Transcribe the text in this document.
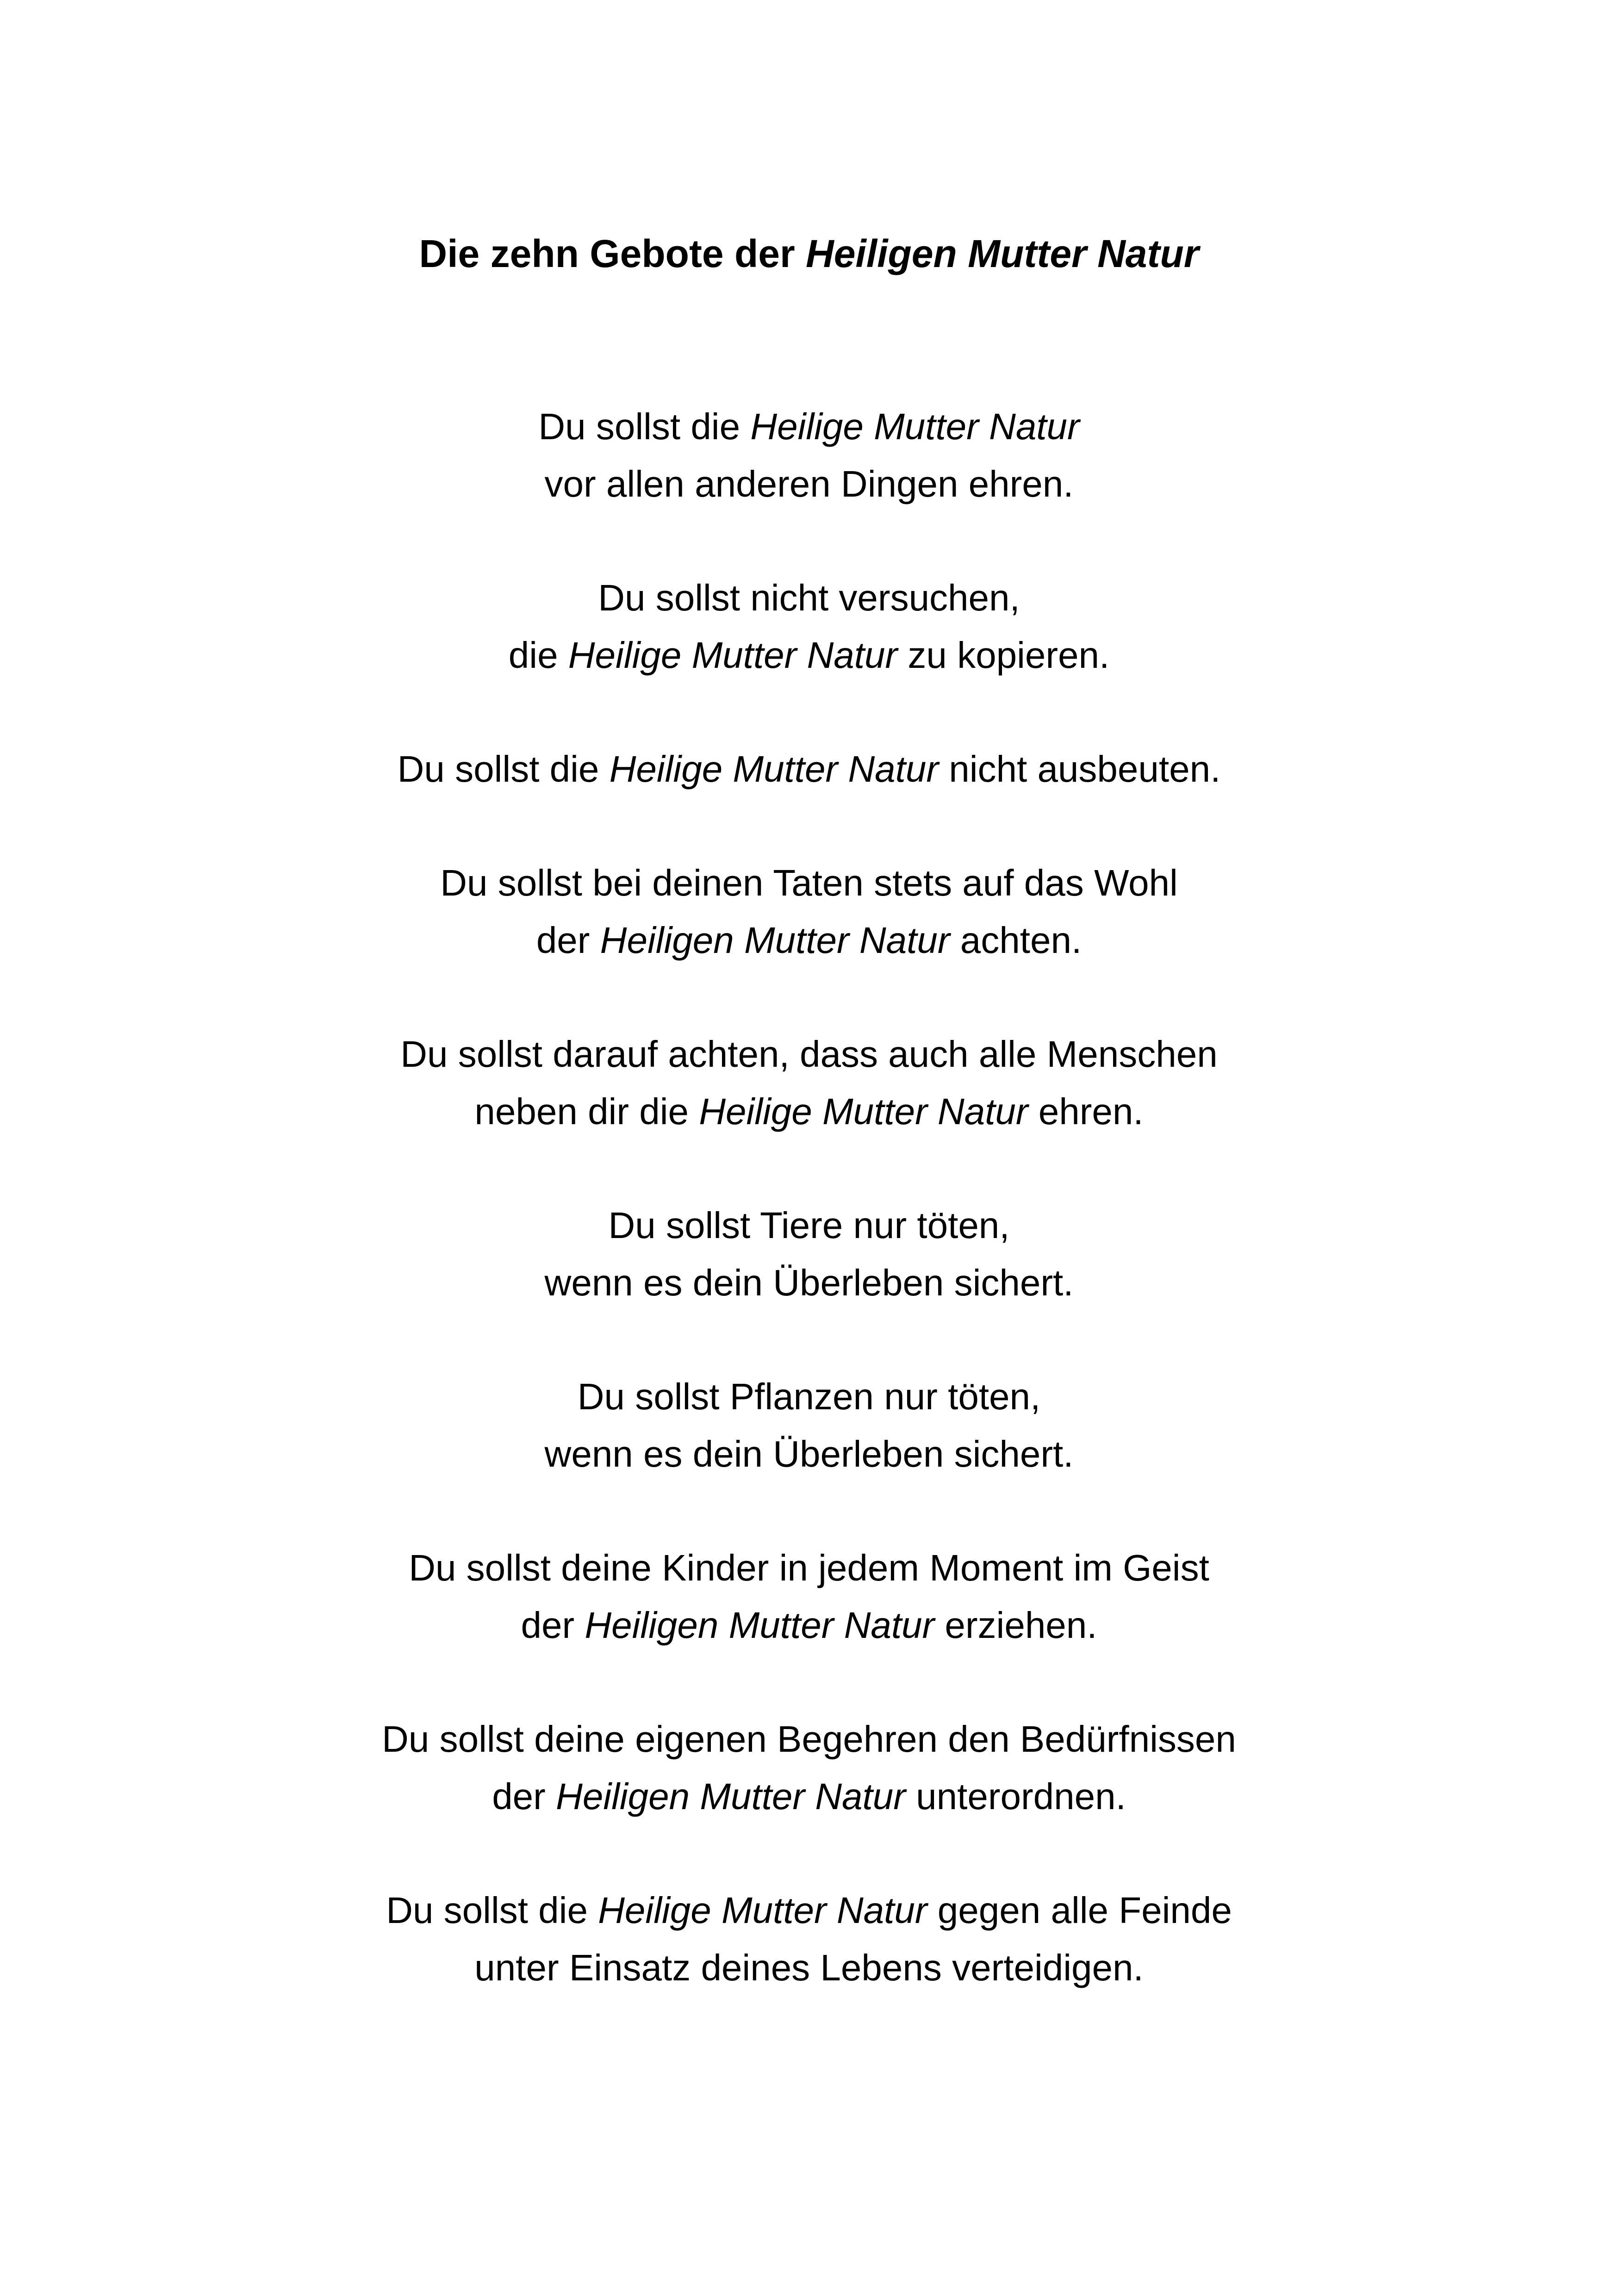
Die zehn Gebote der Heiligen Mutter Natur
Du sollst die Heilige Mutter Natur
vor allen anderen Dingen ehren.
Du sollst nicht versuchen,
die Heilige Mutter Natur zu kopieren.
Du sollst die Heilige Mutter Natur nicht ausbeuten.
Du sollst bei deinen Taten stets auf das Wohl
der Heiligen Mutter Natur achten.
Du sollst darauf achten, dass auch alle Menschen
neben dir die Heilige Mutter Natur ehren.
Du sollst Tiere nur töten,
wenn es dein Überleben sichert.
Du sollst Pflanzen nur töten,
wenn es dein Überleben sichert.
Du sollst deine Kinder in jedem Moment im Geist
der Heiligen Mutter Natur erziehen.
Du sollst deine eigenen Begehren den Bedürfnissen
der Heiligen Mutter Natur unterordnen.
Du sollst die Heilige Mutter Natur gegen alle Feinde
unter Einsatz deines Lebens verteidigen.
